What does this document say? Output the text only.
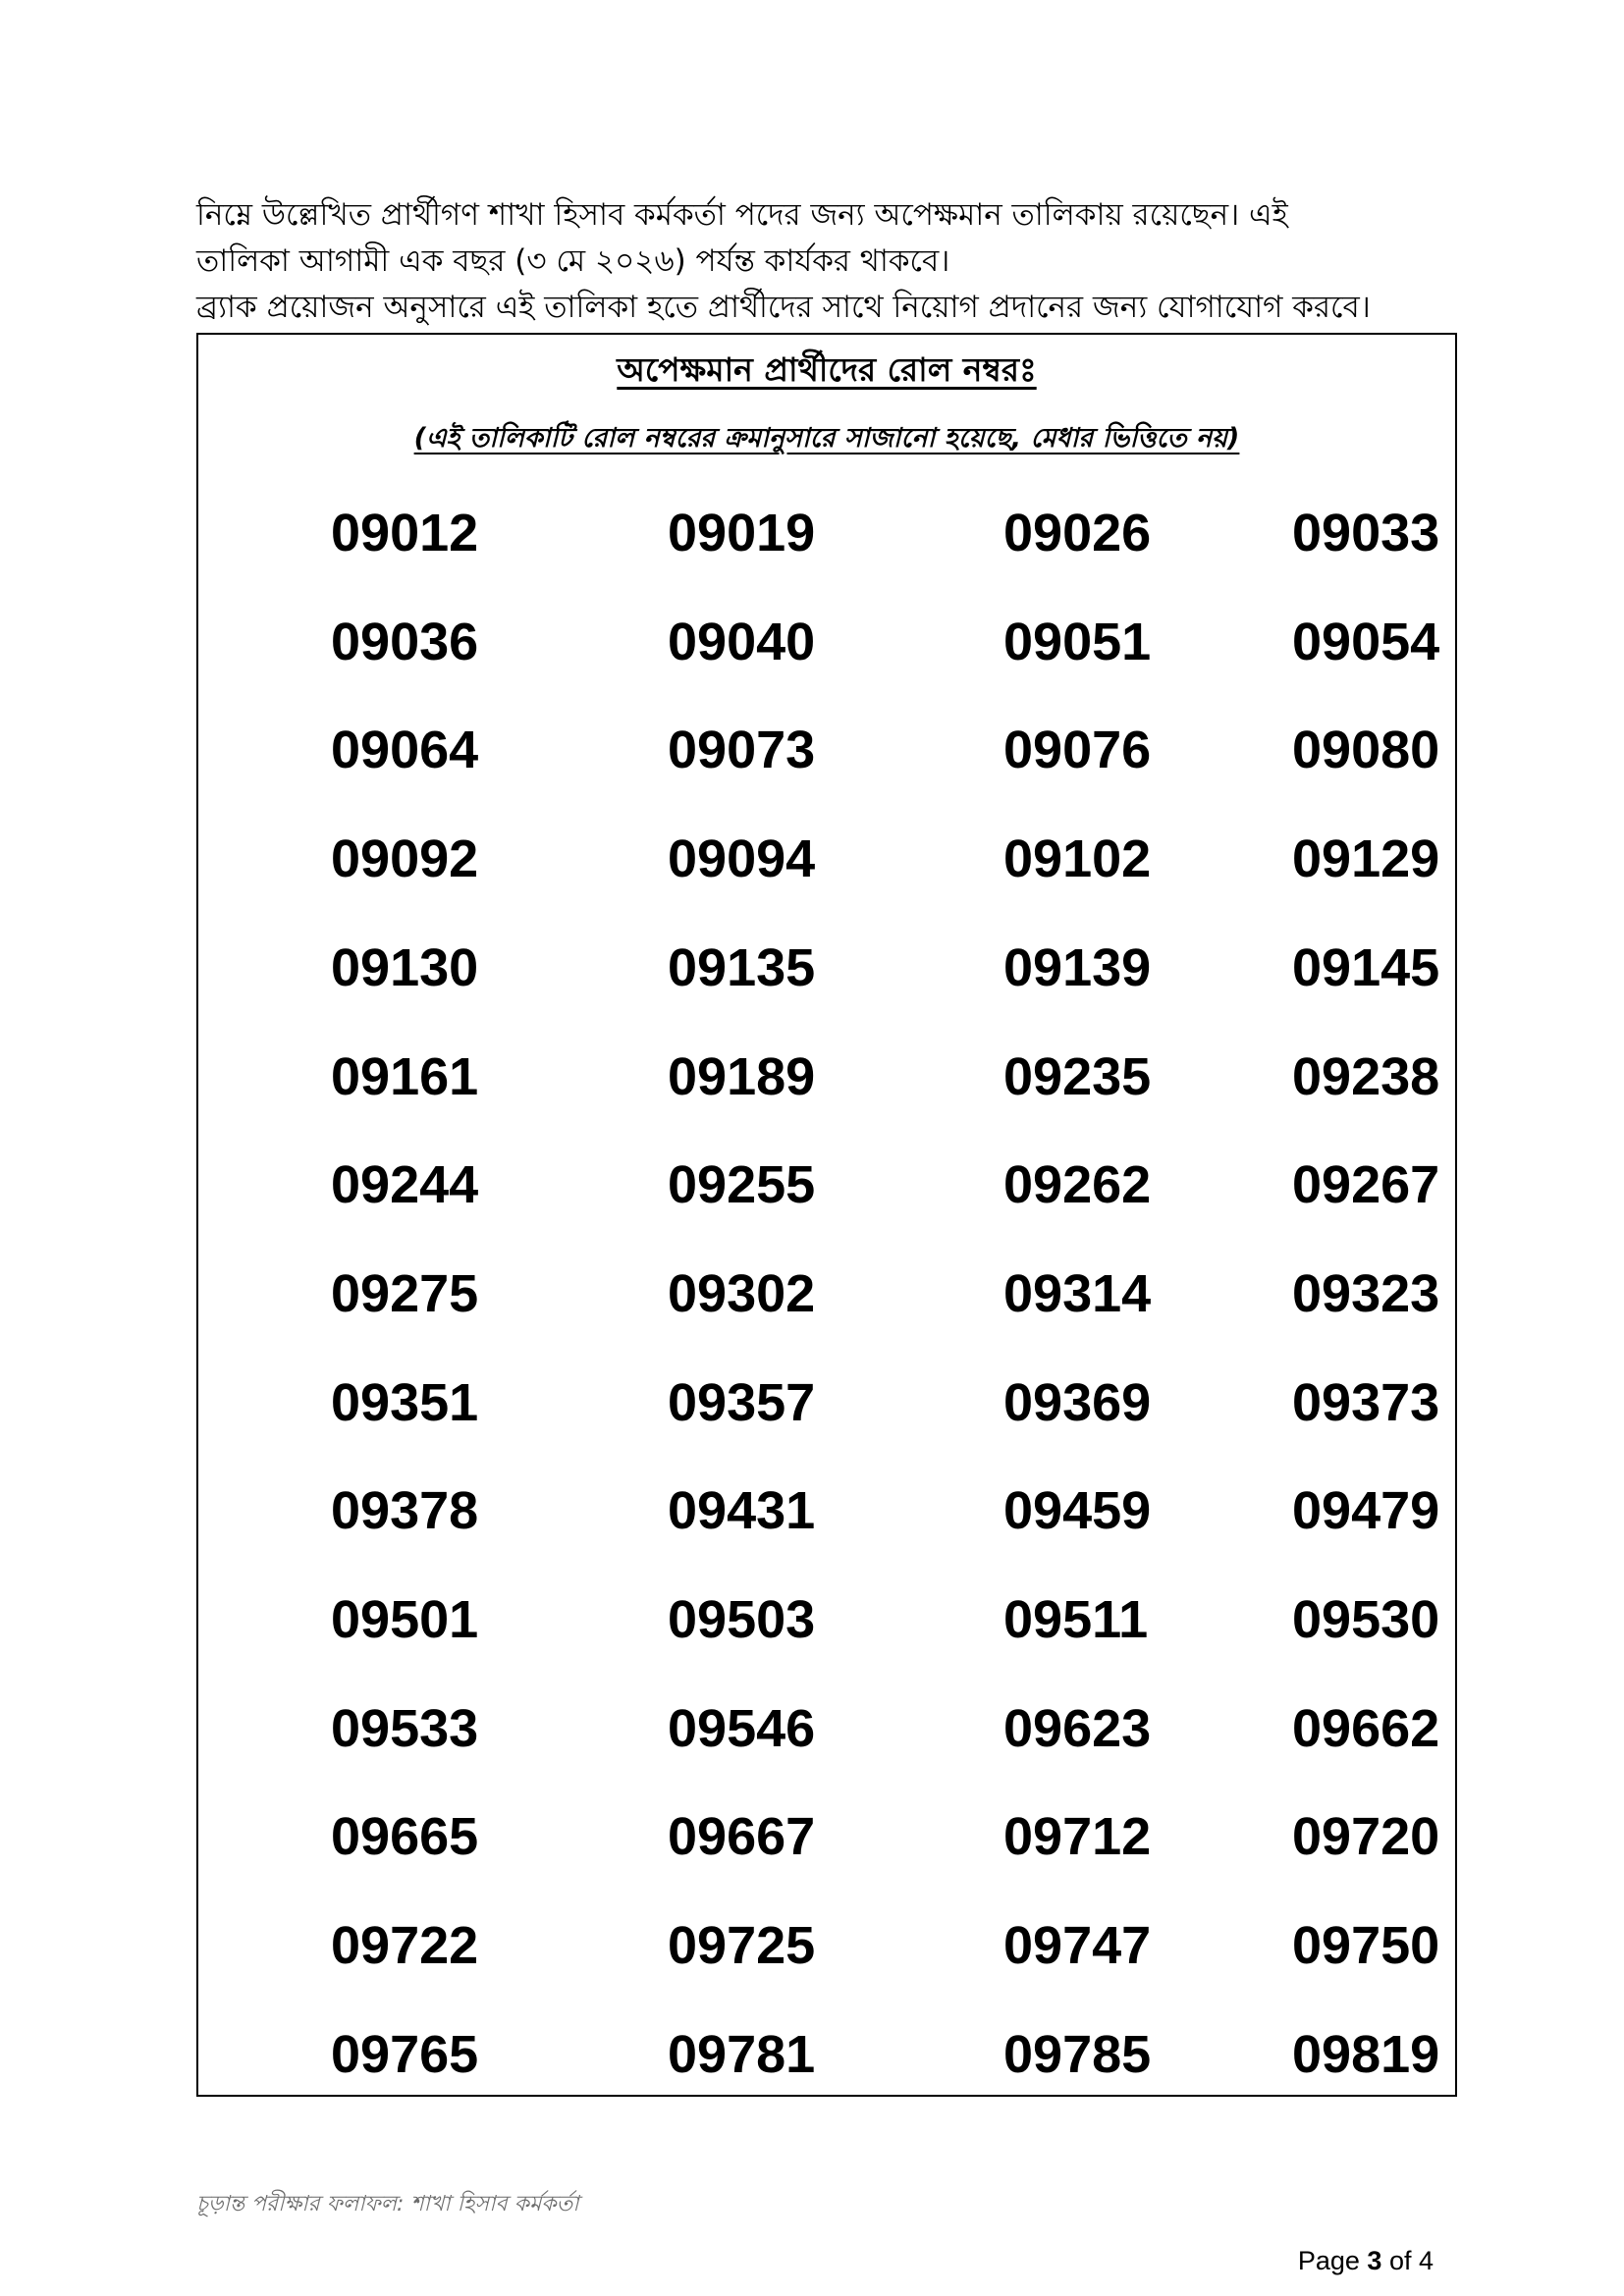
নিম্নে উল্লেখিত প্রার্থীগণ শাখা হিসাব কর্মকর্তা পদের জন্য অপেক্ষমান তালিকায় রয়েছেন। এই

তালিকা আগামী এক বছর (৩ মে ২০২৬) পর্যন্ত কার্যকর থাকবে।

ব্র্যাক প্রয়োজন অনুসারে এই তালিকা হতে প্রার্থীদের সাথে নিয়োগ প্রদানের জন্য যোগাযোগ করবে।

অপেক্ষমান প্রার্থীদের রোল নম্বরঃ
(এই তালিকাটি রোল নম্বরের ক্রমানুসারে সাজানো হয়েছে, মেধার ভিত্তিতে নয়)
09012	09019	09026	09033
09036	09040	09051	09054
09064	09073	09076	09080
09092	09094	09102	09129
09130	09135	09139	09145
09161	09189	09235	09238
09244	09255	09262	09267
09275	09302	09314	09323
09351	09357	09369	09373
09378	09431	09459	09479
09501	09503	09511	09530
09533	09546	09623	09662
09665	09667	09712	09720
09722	09725	09747	09750
09765	09781	09785	09819
চূড়ান্ত পরীক্ষার ফলাফল: শাখা হিসাব কর্মকর্তা
Page 3 of 4
